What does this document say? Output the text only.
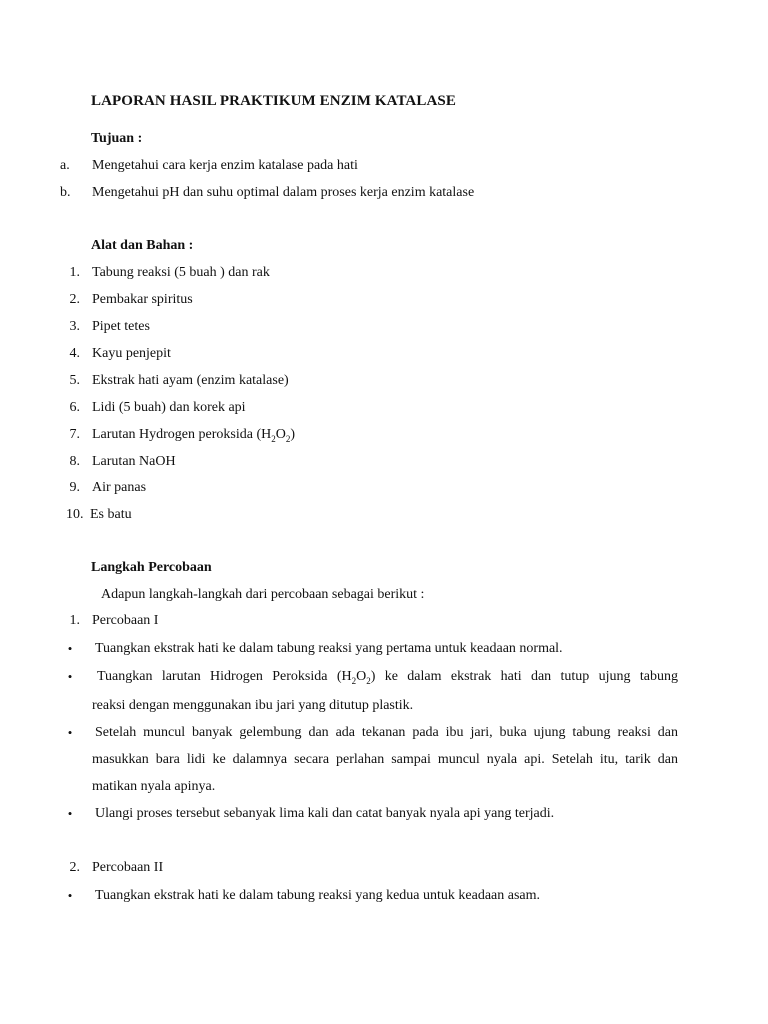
LAPORAN HASIL PRAKTIKUM ENZIM KATALASE
Tujuan :
a.	Mengetahui cara kerja enzim katalase pada hati
b.	Mengetahui pH dan suhu optimal dalam proses kerja enzim katalase
Alat dan Bahan :
1. Tabung reaksi (5 buah ) dan rak
2. Pembakar spiritus
3. Pipet tetes
4. Kayu penjepit
5. Ekstrak hati ayam (enzim katalase)
6. Lidi (5 buah) dan korek api
7. Larutan Hydrogen peroksida $(H_2O_2)$
8. Larutan NaOH
9. Air panas
10. Es batu
Langkah Percobaan
Adapun langkah-langkah dari percobaan sebagai berikut :
1. Percobaan I
• Tuangkan ekstrak hati ke dalam tabung reaksi yang pertama untuk keadaan normal.
• Tuangkan larutan Hidrogen Peroksida $(H_2O_2)$ ke dalam ekstrak hati dan tutup ujung tabung
reaksi dengan menggunakan ibu jari yang ditutup plastik.
• Setelah muncul banyak gelembung dan ada tekanan pada ibu jari, buka ujung tabung reaksi dan
masukkan bara lidi ke dalamnya secara perlahan sampai muncul nyala api. Setelah itu, tarik dan
matikan nyala apinya.
• Ulangi proses tersebut sebanyak lima kali dan catat banyak nyala api yang terjadi.
2. Percobaan II
• Tuangkan ekstrak hati ke dalam tabung reaksi yang kedua untuk keadaan asam.
